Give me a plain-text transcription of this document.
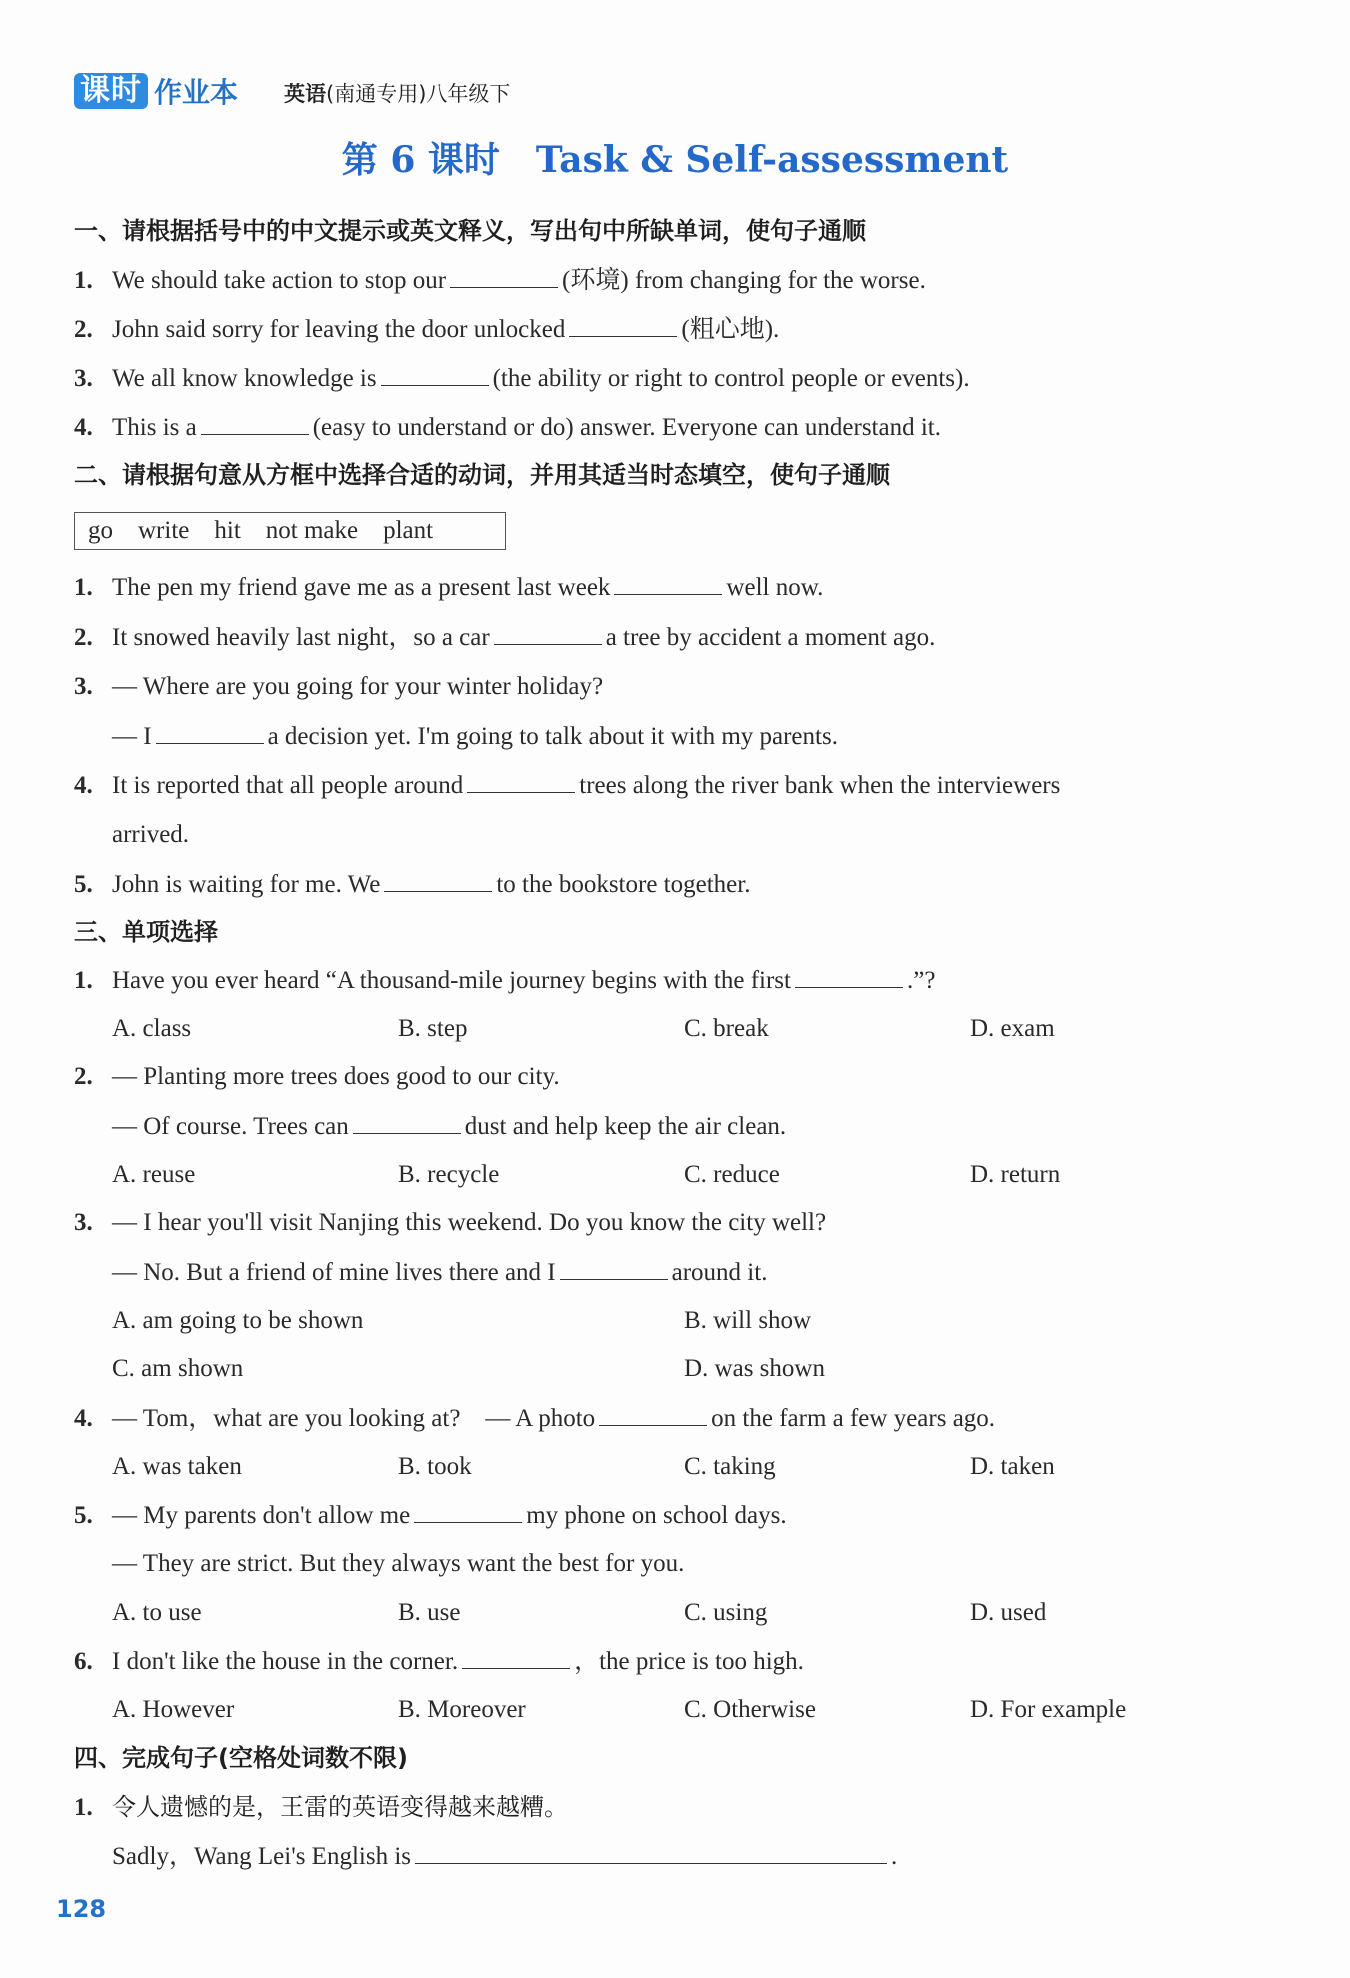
课时 作业本 英语(南通专用)八年级下
第 6 课时　Task & Self-assessment
一、请根据括号中的中文提示或英文释义，写出句中所缺单词，使句子通顺
1. We should take action to stop our	(环境) from changing for the worse.
2. John said sorry for leaving the door unlocked	(粗心地).
3. We all know knowledge is	(the ability or right to control people or events).
4. This is a	(easy to understand or do) answer. Everyone can understand it.
二、请根据句意从方框中选择合适的动词，并用其适当时态填空，使句子通顺
go　write　hit　not make　plant
1. The pen my friend gave me as a present last week	well now.
2. It snowed heavily last night，so a car	a tree by accident a moment ago.
3. — Where are you going for your winter holiday?
— I	a decision yet. I'm going to talk about it with my parents.
4. It is reported that all people around	trees along the river bank when the interviewers
arrived.
5. John is waiting for me. We	to the bookstore together.
三、单项选择
1. Have you ever heard “A thousand-mile journey begins with the first	.”?
A. class	B. step	C. break	D. exam
2. — Planting more trees does good to our city.
— Of course. Trees can	dust and help keep the air clean.
A. reuse	B. recycle	C. reduce	D. return
3. — I hear you'll visit Nanjing this weekend. Do you know the city well?
— No. But a friend of mine lives there and I	around it.
A. am going to be shown	B. will show
C. am shown	D. was shown
4. — Tom，what are you looking at?　— A photo	on the farm a few years ago.
A. was taken	B. took	C. taking	D. taken
5. — My parents don't allow me	my phone on school days.
— They are strict. But they always want the best for you.
A. to use	B. use	C. using	D. used
6. I don't like the house in the corner.	，the price is too high.
A. However	B. Moreover	C. Otherwise	D. For example
四、完成句子(空格处词数不限)
1. 令人遗憾的是，王雷的英语变得越来越糟。
Sadly，Wang Lei's English is	.
128
